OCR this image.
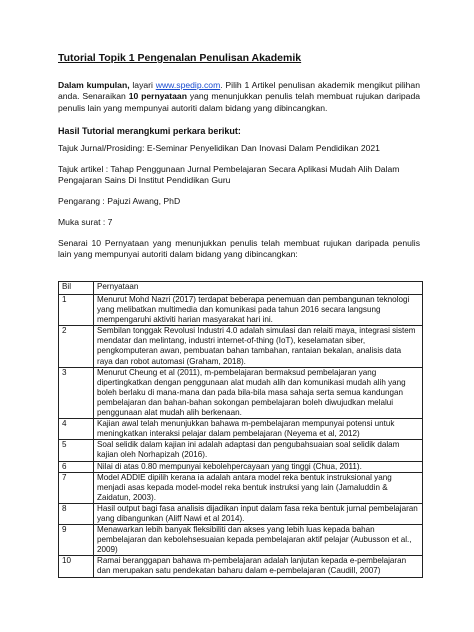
Tutorial Topik 1 Pengenalan Penulisan Akademik
Dalam kumpulan, layari www.spedip.com. Pilih 1 Artikel penulisan akademik mengikut pilihan anda. Senaraikan 10 pernyataan yang menunjukkan penulis telah membuat rujukan daripada penulis lain yang mempunyai autoriti dalam bidang yang dibincangkan.
Hasil Tutorial merangkumi perkara berikut:
Tajuk Jurnal/Prosiding: E-Seminar Penyelidikan Dan Inovasi Dalam Pendidikan 2021
Tajuk artikel : Tahap Penggunaan Jurnal Pembelajaran Secara Aplikasi Mudah Alih Dalam Pengajaran Sains Di Institut Pendidikan Guru
Pengarang : Pajuzi Awang, PhD
Muka surat : 7
Senarai 10 Pernyataan yang menunjukkan penulis telah membuat rujukan daripada penulis lain yang mempunyai autoriti dalam bidang yang dibincangkan:
Bil	Pernyataan
1	Menurut Mohd Nazri (2017) terdapat beberapa penemuan dan pembangunan teknologi yang melibatkan multimedia dan komunikasi pada tahun 2016 secara langsung mempengaruhi aktiviti harian masyarakat hari ini.
2	Sembilan tonggak Revolusi Industri 4.0 adalah simulasi dan relaiti maya, integrasi sistem mendatar dan melintang, industri internet-of-thing (IoT), keselamatan siber, pengkomputeran awan, pembuatan bahan tambahan, rantaian bekalan, analisis data raya dan robot automasi (Graham, 2018).
3	Menurut Cheung et al (2011), m-pembelajaran bermaksud pembelajaran yang dipertingkatkan dengan penggunaan alat mudah alih dan komunikasi mudah alih yang boleh berlaku di mana-mana dan pada bila-bila masa sahaja serta semua kandungan pembelajaran dan bahan-bahan sokongan pembelajaran boleh diwujudkan melalui penggunaan alat mudah alih berkenaan.
4	Kajian awal telah menunjukkan bahawa m-pembelajaran mempunyai potensi untuk meningkatkan interaksi pelajar dalam pembelajaran (Neyema et al, 2012)
5	Soal selidik dalam kajian ini adalah adaptasi dan pengubahsuaian soal selidik dalam kajian oleh Norhapizah (2016).
6	Nilai di atas 0.80 mempunyai kebolehpercayaan yang tinggi (Chua, 2011).
7	Model ADDIE dipilih kerana ia adalah antara model reka bentuk instruksional yang menjadi asas kepada model-model reka bentuk instruksi yang lain (Jamaluddin & Zaidatun, 2003).
8	Hasil output bagi fasa analisis dijadikan input dalam fasa reka bentuk jurnal pembelajaran yang dibangunkan (Aliff Nawi et al 2014).
9	Menawarkan lebih banyak fleksibiliti dan akses yang lebih luas kepada bahan pembelajaran dan kebolehsesuaian kepada pembelajaran aktif pelajar (Aubusson et al., 2009)
10	Ramai beranggapan bahawa m-pembelajaran adalah lanjutan kepada e-pembelajaran dan merupakan satu pendekatan baharu dalam e-pembelajaran (Caudill, 2007)
